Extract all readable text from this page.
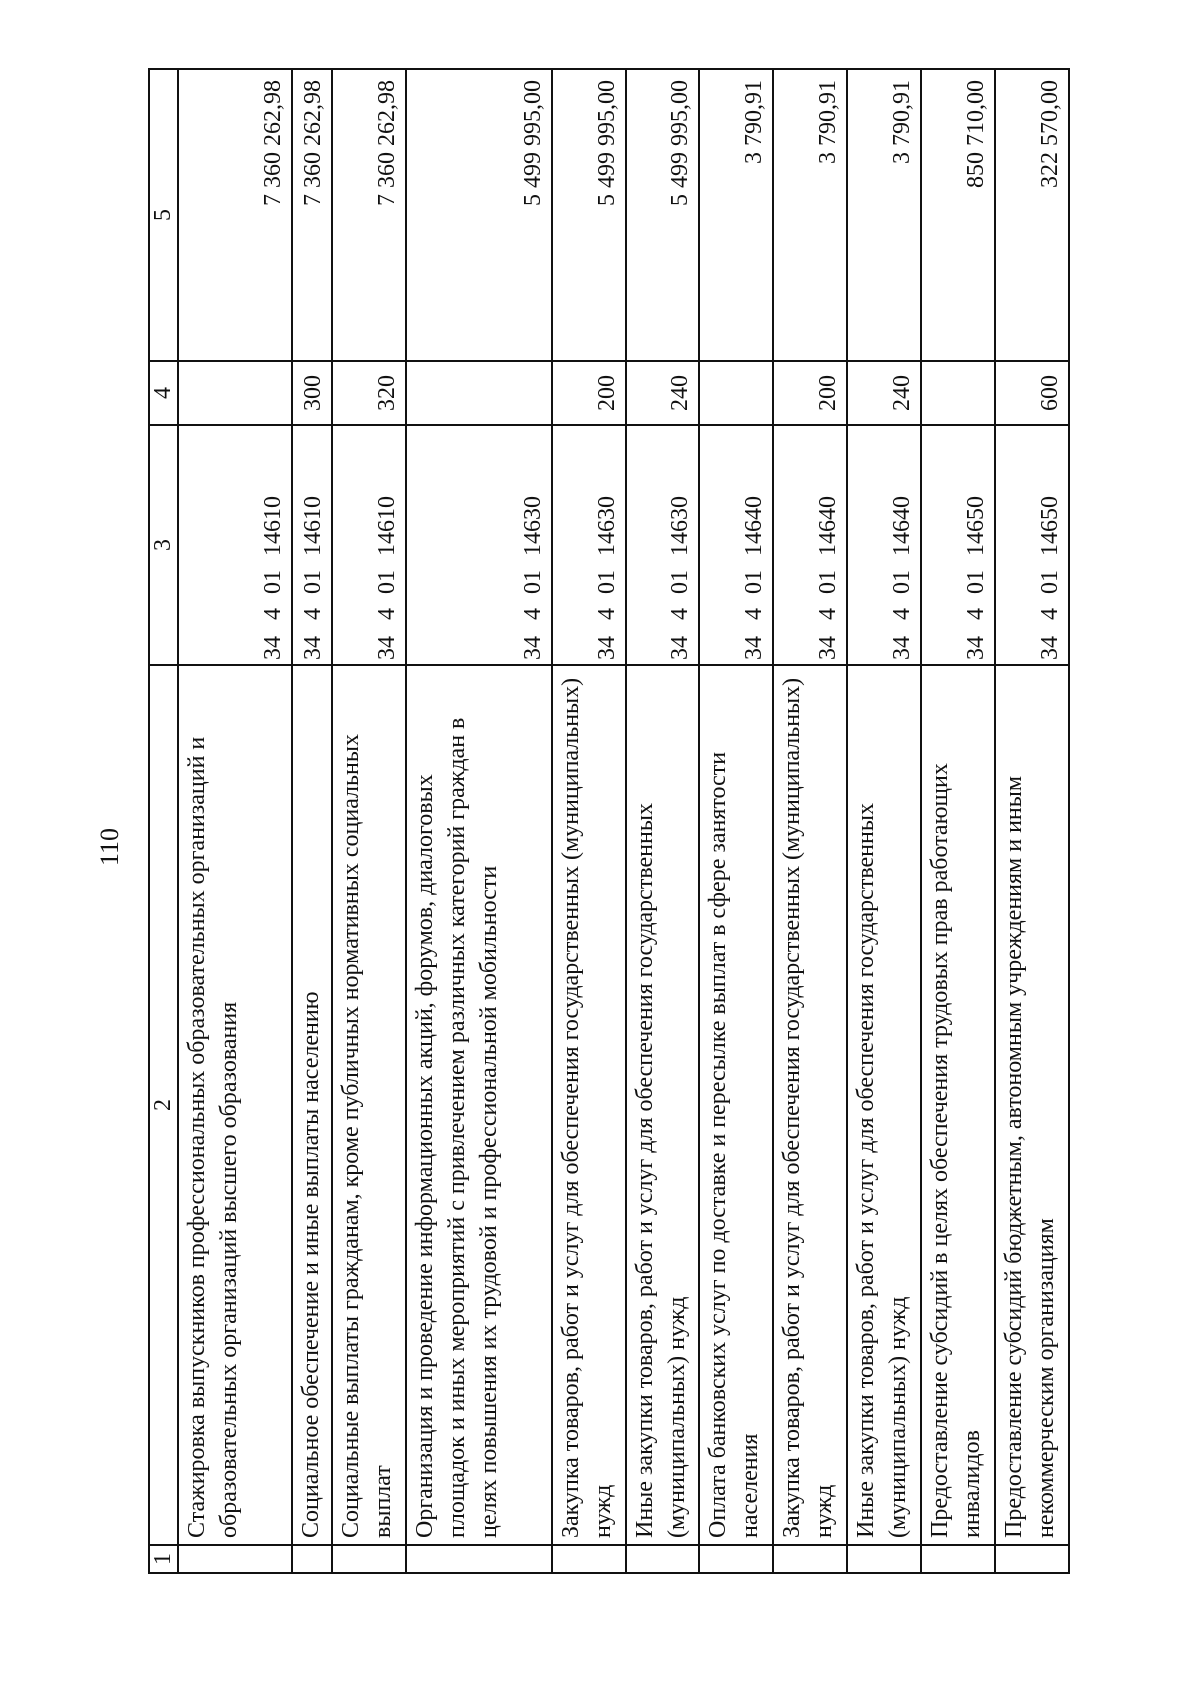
110
1	2	3	4	5
	Стажировка выпускников профессиональных образовательных организаций и образовательных организаций высшего образования	3440114610		7 360 262,98
	Социальное обеспечение и иные выплаты населению	3440114610	300	7 360 262,98
	Социальные выплаты гражданам, кроме публичных нормативных социальных выплат	3440114610	320	7 360 262,98
	Организация и проведение информационных акций, форумов, диалоговых площадок и иных мероприятий с привлечением различных категорий граждан в целях повышения их трудовой и профессиональной мобильности	3440114630		5 499 995,00
	Закупка товаров, работ и услуг для обеспечения государственных (муниципальных) нужд	3440114630	200	5 499 995,00
	Иные закупки товаров, работ и услуг для обеспечения государственных (муниципальных) нужд	3440114630	240	5 499 995,00
	Оплата банковских услуг по доставке и пересылке выплат в сфере занятости населения	3440114640		3 790,91
	Закупка товаров, работ и услуг для обеспечения государственных (муниципальных) нужд	3440114640	200	3 790,91
	Иные закупки товаров, работ и услуг для обеспечения государственных (муниципальных) нужд	3440114640	240	3 790,91
	Предоставление субсидий в целях обеспечения трудовых прав работающих инвалидов	3440114650		850 710,00
	Предоставление субсидий бюджетным, автономным учреждениям и иным некоммерческим организациям	3440114650	600	322 570,00
